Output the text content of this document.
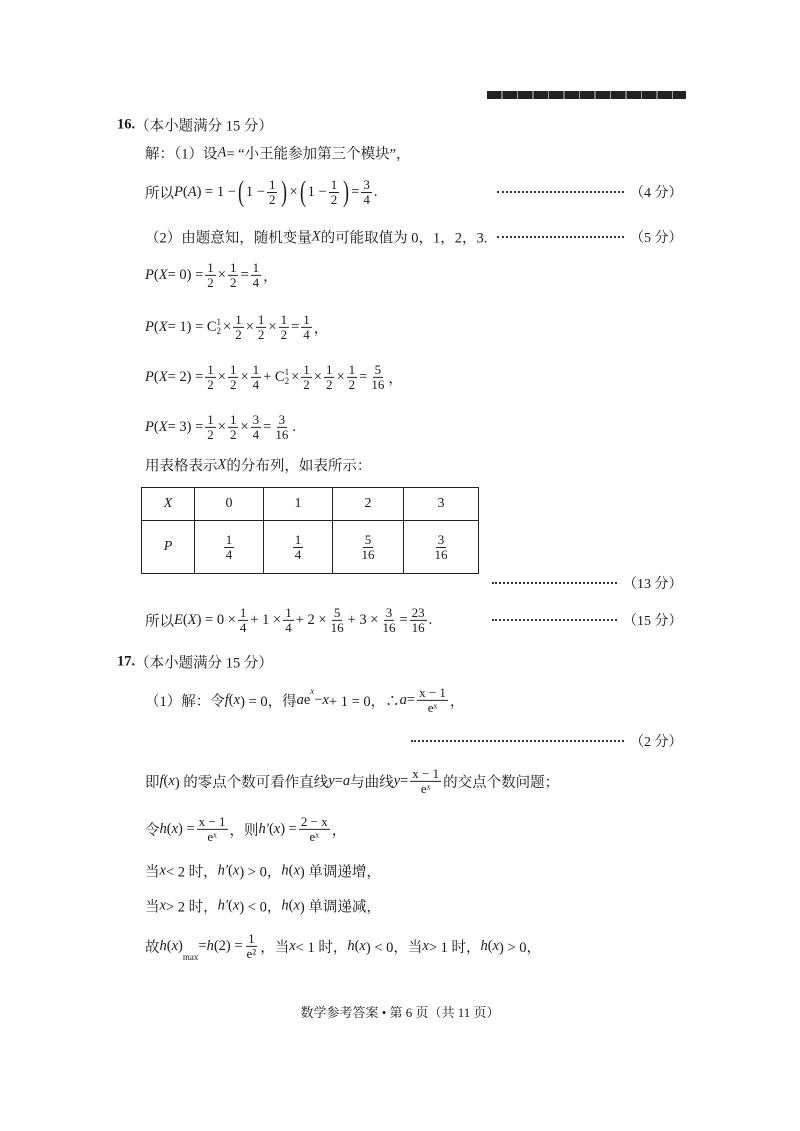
16. （本小题满分 15 分）
解：（1）设 A = “小王能参加第三个模块”，
所以 P ( A ) = 1 − ( $1 - \frac{1}{2}$ ) × ( $1 - \frac{1}{2}$ ) = $\frac{3}{4}$ .
（2）由题意知，随机变量 X 的可能取值为 0，1，2，3.
P ( $X = 0) = \frac{1}{2} \times \frac{1}{2} = \frac{1}{4}$ ，
P ( X = 1) = C 1
$2 \times \frac{1}{2} \times \frac{1}{2} \times \frac{1}{2} = \frac{1}{4}$ ，
P ( $X = 2) = \frac{1}{2} \times \frac{1}{2} \times \frac{1}{4} + C$ 1
$2 \times \frac{1}{2} \times \frac{1}{2} \times \frac{1}{2} = \frac{5}{16}$ ，
P ( $X = 3) = \frac{1}{2} \times \frac{1}{2} \times \frac{3}{4} = \frac{3}{16}$ .
用表格表示 X 的分布列，如表所示：
所以 E ( X ) = $0 \times \frac{1}{4} + 1 \times \frac{1}{4} + 2 \times \frac{5}{16} + 3 \times \frac{3}{16} = \frac{23}{16}$ .
17. （本小题满分 15 分）
（1）解：令 f ( x ) = 0，得 a e
x
− x + 1 = 0，∴ $a = \frac{x - 1}{\text{eˣ}}$ ，
即 f ( x ) 的零点个数可看作直线 y = a 与曲线 $y = \frac{x - 1}{\text{eˣ}}$ 的交点个数问题；
令 h ( x ) = $\frac{x - 1}{\text{eˣ}}$ ，则 h′ ( x ) = $\frac{2 - x}{\text{eˣ}}$ ，
当 x < 2 时， h′ ( x ) > 0， h ( x ) 单调递增，
当 x > 2 时， h′ ( x ) < 0， h ( x ) 单调递减，
故 h ( x )
max
= h $(2) = \frac{1}{\text{e²}}$ ，当 x < 1 时， h ( x ) < 0，当 x > 1 时， h ( x ) > 0，
（4 分）
（5 分）
（13 分）
（15 分）
（2 分）
X	0	1	2	3
P	$\frac{1}{4}$	$\frac{1}{4}$	$\frac{5}{16}$	$\frac{3}{16}$
数学参考答案 • 第 6 页（共 11 页）
